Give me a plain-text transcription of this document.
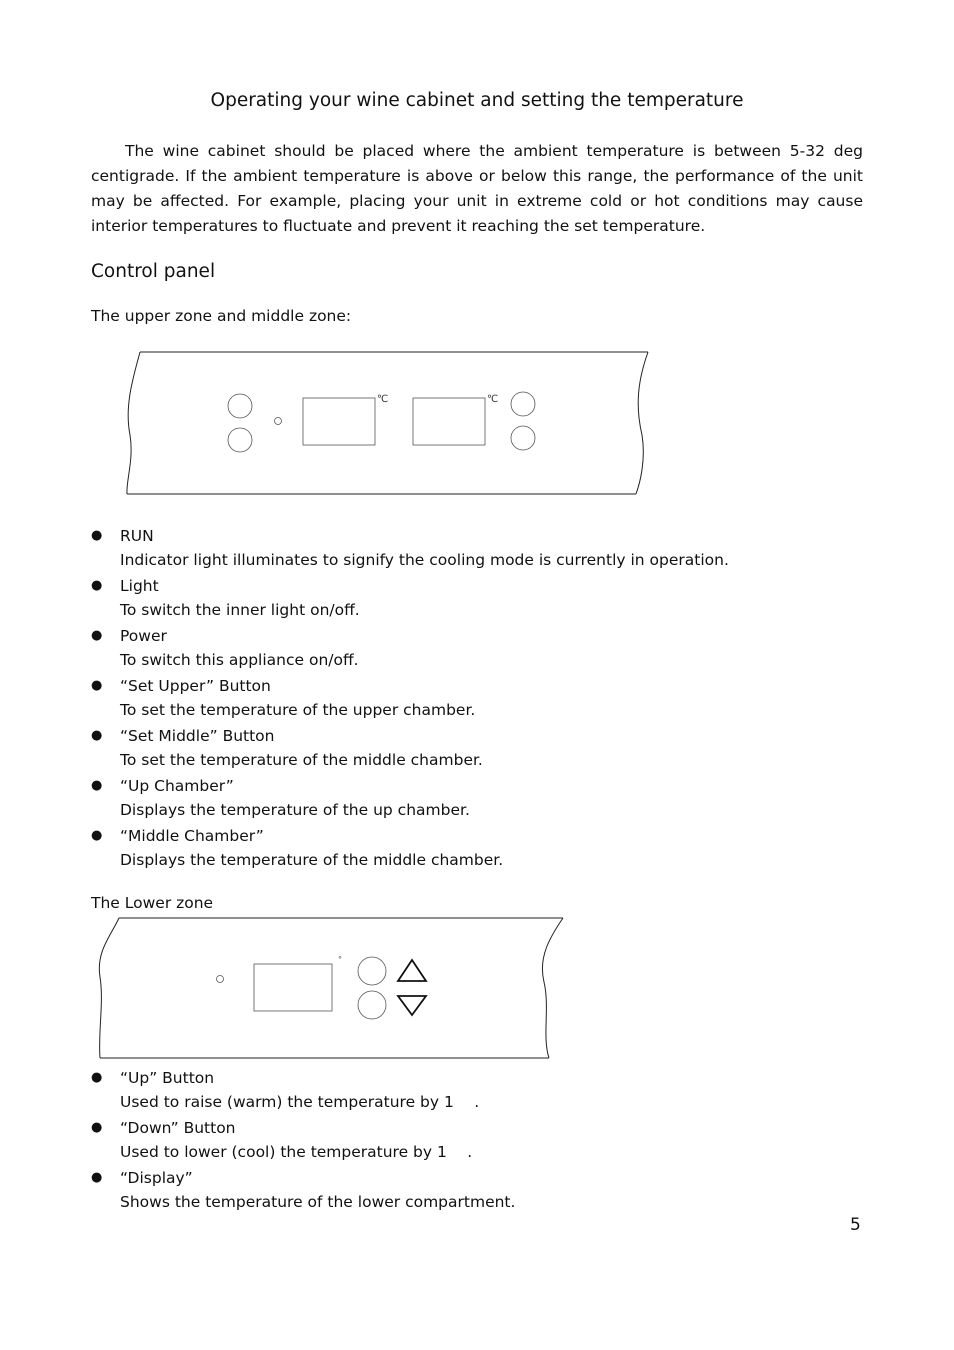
Operating your wine cabinet and setting the temperature

The wine cabinet should be placed where the ambient temperature is between 5-32 deg centigrade. If the ambient temperature is above or below this range, the performance of the unit may be affected. For example, placing your unit in extreme cold or hot conditions may cause interior temperatures to fluctuate and prevent it reaching the set temperature.

Control panel

The upper zone and middle zone:

℃	℃
● RUN
Indicator light illuminates to signify the cooling mode is currently in operation.
● Light
To switch the inner light on/off.
● Power
To switch this appliance on/off.
● “Set Upper” Button
To set the temperature of the upper chamber.
● “Set Middle” Button
To set the temperature of the middle chamber.
● “Up Chamber”
Displays the temperature of the up chamber.
● “Middle Chamber”
Displays the temperature of the middle chamber.

The Lower zone

°
● “Up” Button
Used to raise (warm) the temperature by 1  .
● “Down” Button
Used to lower (cool) the temperature by 1  .
● “Display”
Shows the temperature of the lower compartment.
5
